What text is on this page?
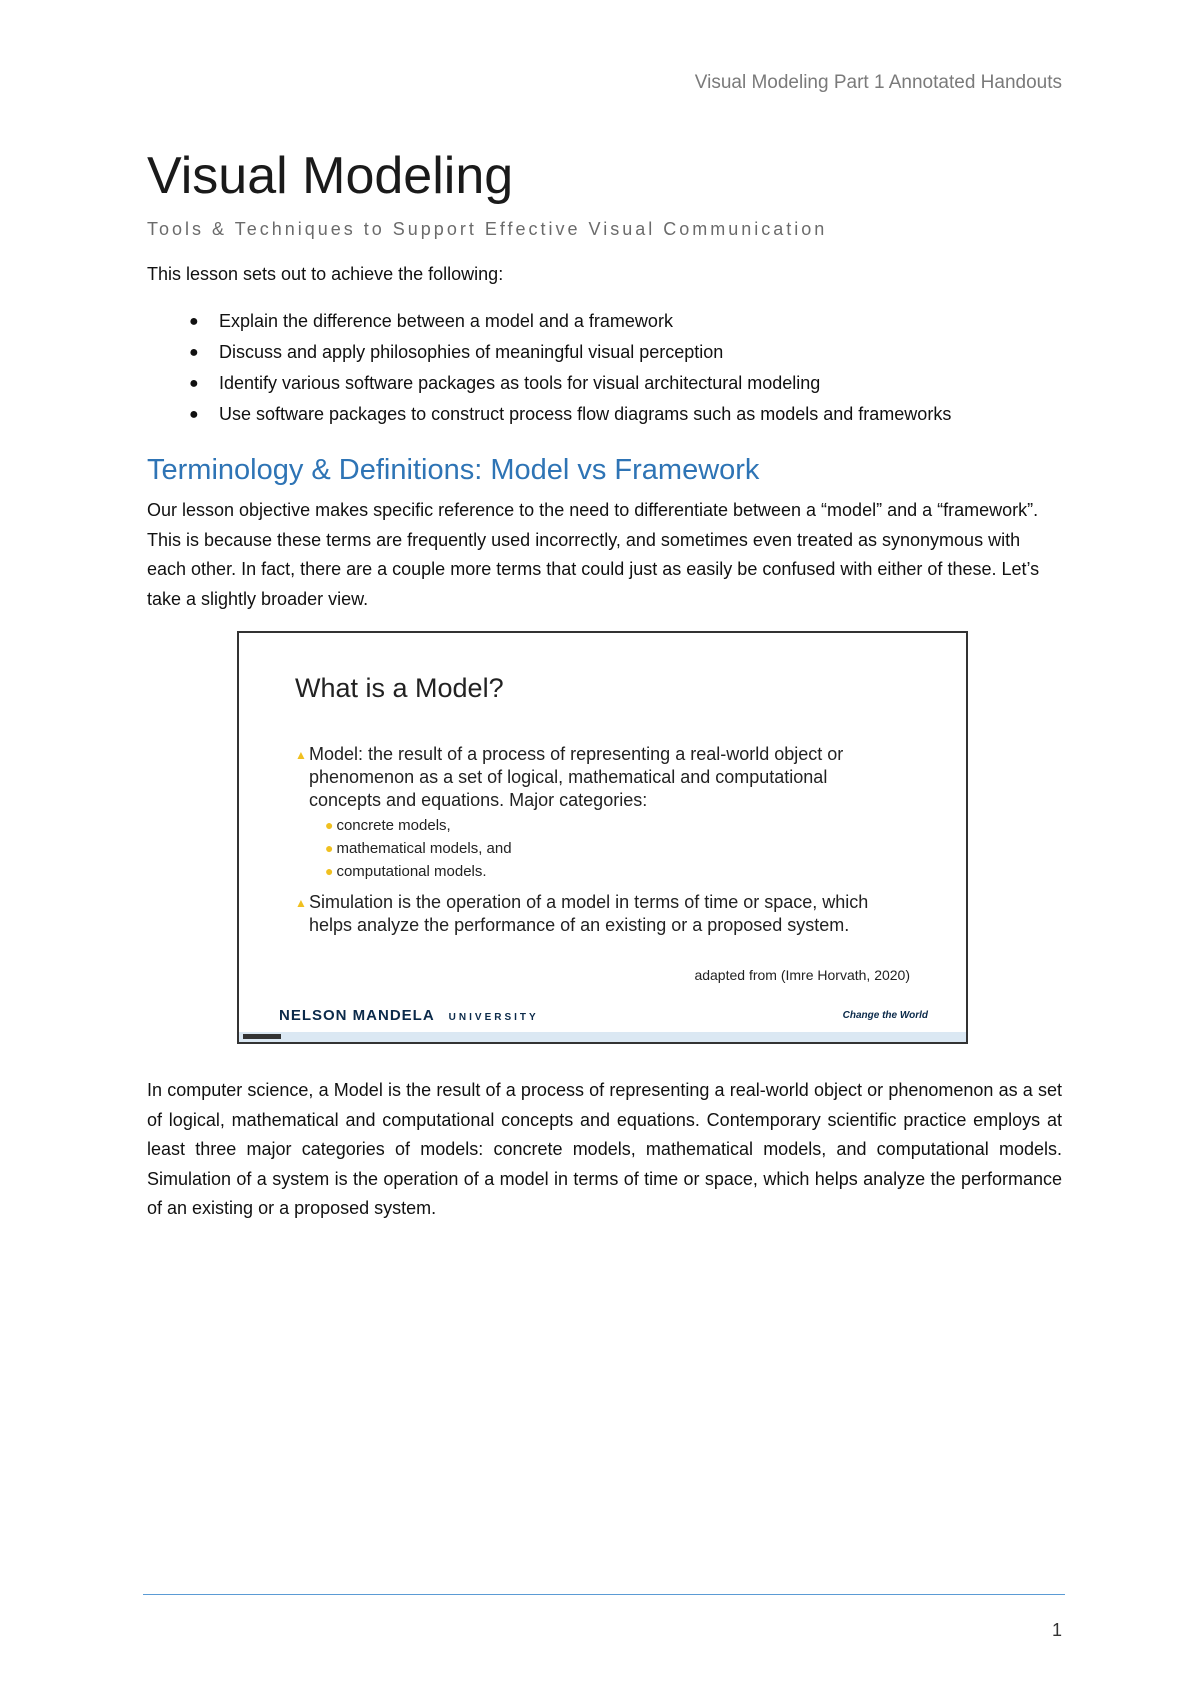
Visual Modeling Part 1 Annotated Handouts
Visual Modeling
Tools & Techniques to Support Effective Visual Communication
This lesson sets out to achieve the following:
● Explain the difference between a model and a framework
● Discuss and apply philosophies of meaningful visual perception
● Identify various software packages as tools for visual architectural modeling
● Use software packages to construct process flow diagrams such as models and frameworks
Terminology & Definitions: Model vs Framework

Our lesson objective makes specific reference to the need to differentiate between a “model” and a “framework”. This is because these terms are frequently used incorrectly, and sometimes even treated as synonymous with each other. In fact, there are a couple more terms that could just as easily be confused with either of these. Let’s take a slightly broader view.

What is a Model?
▲ Model: the result of a process of representing a real-world object or phenomenon as a set of logical, mathematical and computational concepts and equations. Major categories:
● concrete models,
● mathematical models, and
● computational models.
▲ Simulation is the operation of a model in terms of time or space, which helps analyze the performance of an existing or a proposed system.
adapted from (Imre Horvath, 2020)
NELSON MANDELA UNIVERSITY	Change the World

In computer science, a Model is the result of a process of representing a real-world object or phenomenon as a set of logical, mathematical and computational concepts and equations. Contemporary scientific practice employs at least three major categories of models: concrete models, mathematical models, and computational models. Simulation of a system is the operation of a model in terms of time or space, which helps analyze the performance of an existing or a proposed system.

1
